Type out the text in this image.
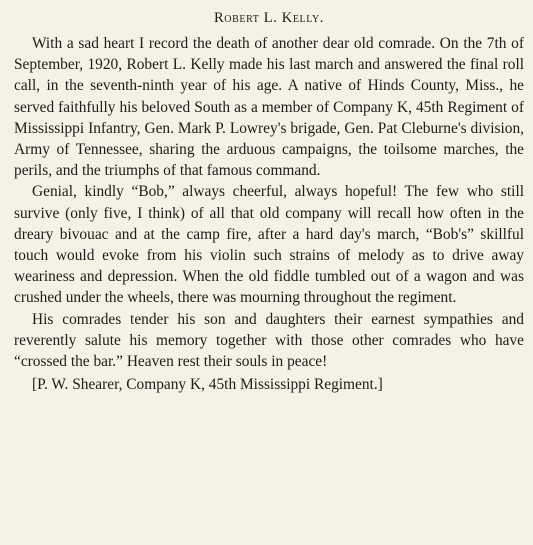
Robert L. Kelly.

With a sad heart I record the death of another dear old comrade. On the 7th of September, 1920, Robert L. Kelly made his last march and answered the final roll call, in the seventh-ninth year of his age. A native of Hinds County, Miss., he served faithfully his beloved South as a member of Company K, 45th Regiment of Mississippi Infantry, Gen. Mark P. Lowrey's brigade, Gen. Pat Cleburne's division, Army of Tennessee, sharing the arduous campaigns, the toilsome marches, the perils, and the triumphs of that famous command.

Genial, kindly “Bob,” always cheerful, always hopeful! The few who still survive (only five, I think) of all that old company will recall how often in the dreary bivouac and at the camp fire, after a hard day's march, “Bob's” skillful touch would evoke from his violin such strains of melody as to drive away weariness and depression. When the old fiddle tumbled out of a wagon and was crushed under the wheels, there was mourning throughout the regiment.

His comrades tender his son and daughters their earnest sympathies and reverently salute his memory together with those other comrades who have “crossed the bar.” Heaven rest their souls in peace!

[P. W. Shearer, Company K, 45th Mississippi Regiment.]
